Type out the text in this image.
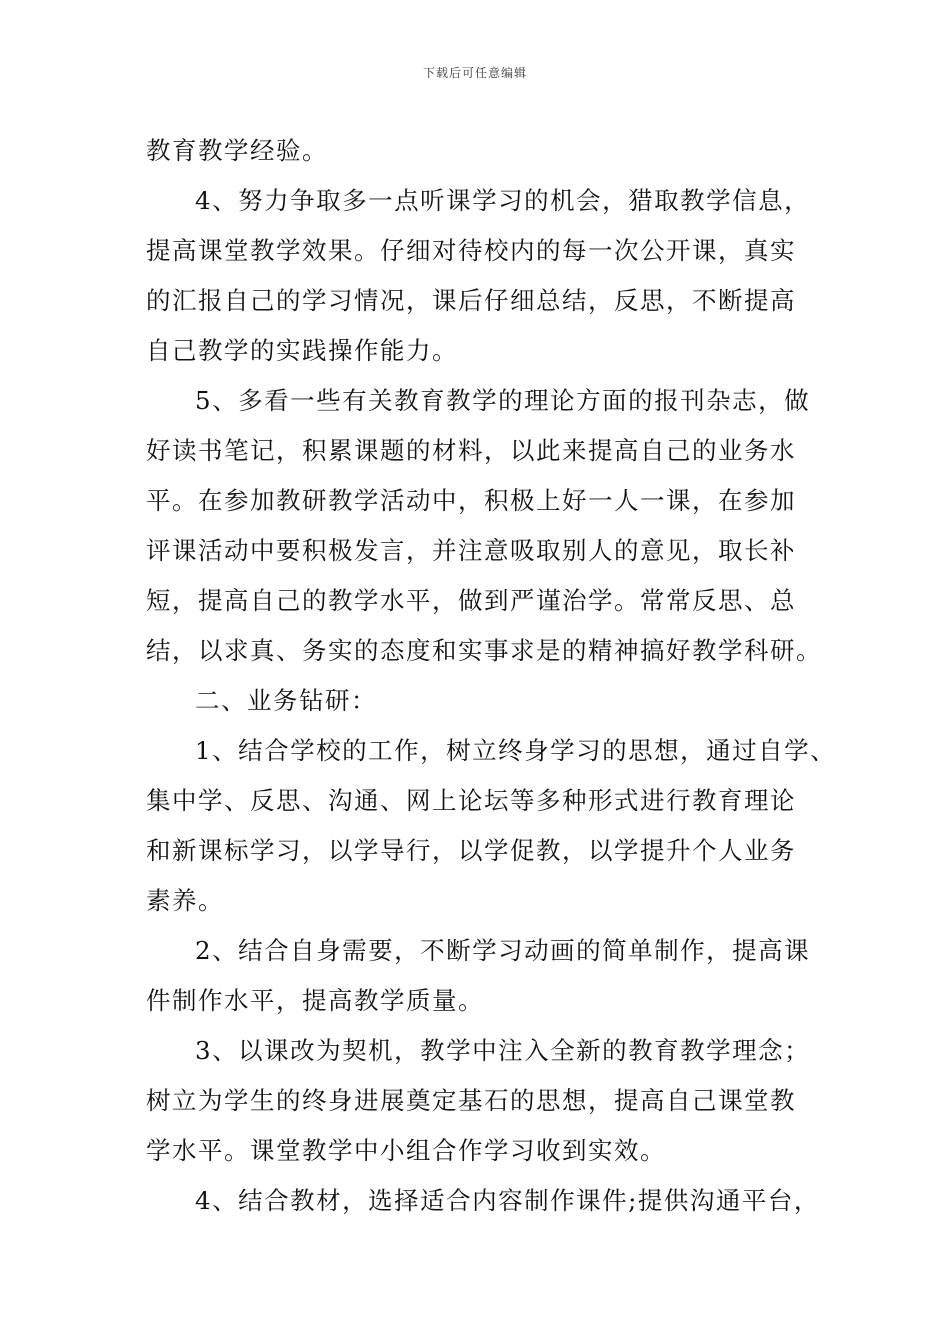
下载后可任意编辑
教育教学经验。
4、努力争取多一点听课学习的机会，猎取教学信息，
提高课堂教学效果。仔细对待校内的每一次公开课，真实
的汇报自己的学习情况，课后仔细总结，反思，不断提高
自己教学的实践操作能力。
5、多看一些有关教育教学的理论方面的报刊杂志，做
好读书笔记，积累课题的材料，以此来提高自己的业务水
平。在参加教研教学活动中，积极上好一人一课，在参加
评课活动中要积极发言，并注意吸取别人的意见，取长补
短，提高自己的教学水平，做到严谨治学。常常反思、总
结，以求真、务实的态度和实事求是的精神搞好教学科研。
二、业务钻研：
1、结合学校的工作，树立终身学习的思想，通过自学、
集中学、反思、沟通、网上论坛等多种形式进行教育理论
和新课标学习，以学导行，以学促教，以学提升个人业务
素养。
2、结合自身需要，不断学习动画的简单制作，提高课
件制作水平，提高教学质量。
3、以课改为契机，教学中注入全新的教育教学理念；
树立为学生的终身进展奠定基石的思想，提高自己课堂教
学水平。课堂教学中小组合作学习收到实效。
4、结合教材，选择适合内容制作课件;提供沟通平台，
